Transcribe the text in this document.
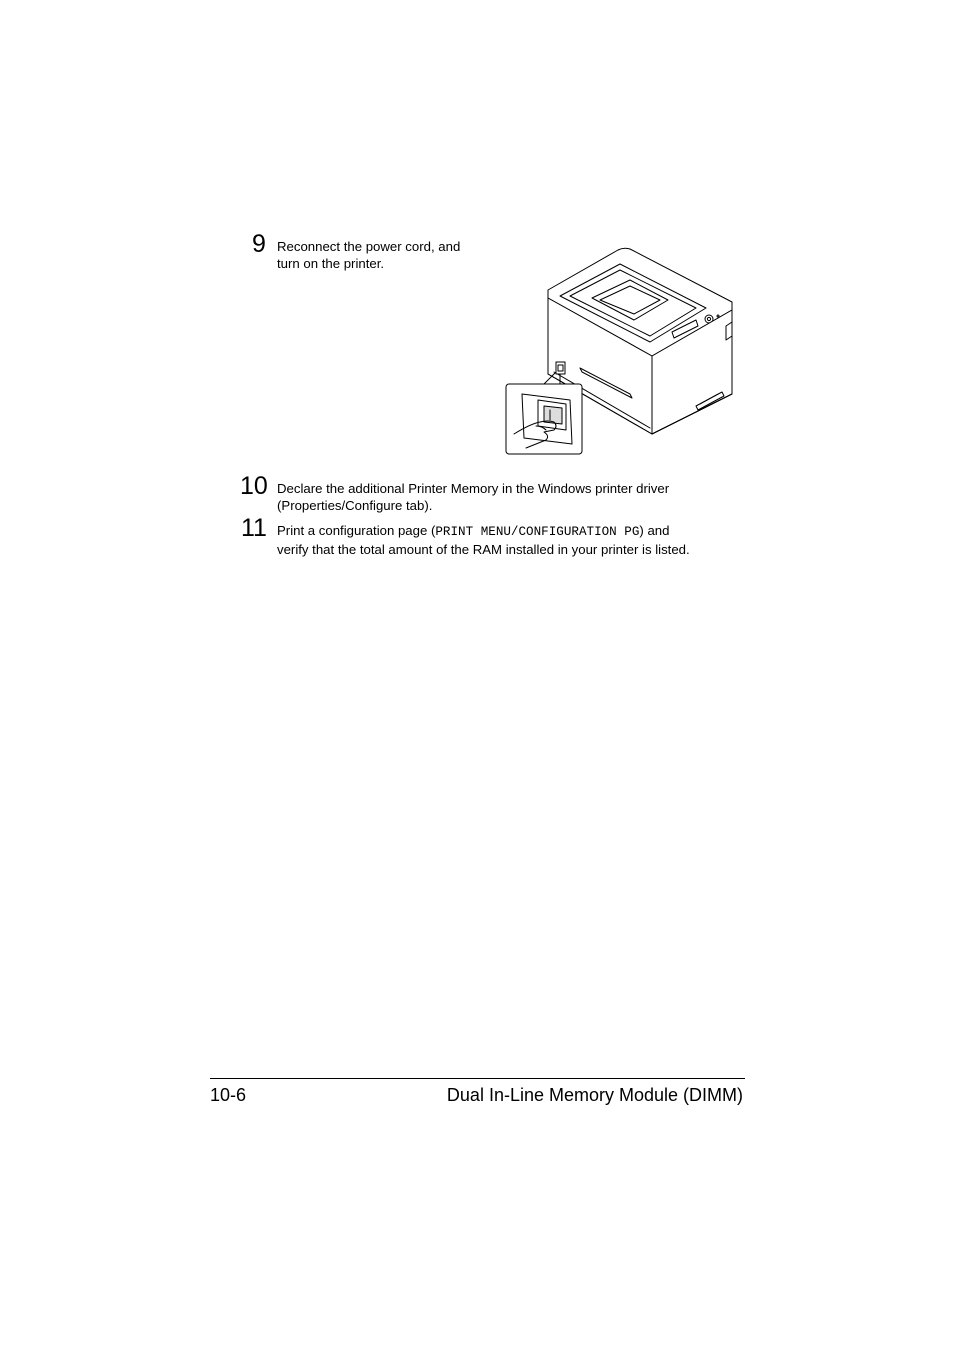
9 Reconnect the power cord, and
turn on the printer.
10 Declare the additional Printer Memory in the Windows printer driver
(Properties/Configure tab).
11 Print a configuration page (PRINT MENU/CONFIGURATION PG) and
verify that the total amount of the RAM installed in your printer is listed.
10-6	Dual In-Line Memory Module (DIMM)
